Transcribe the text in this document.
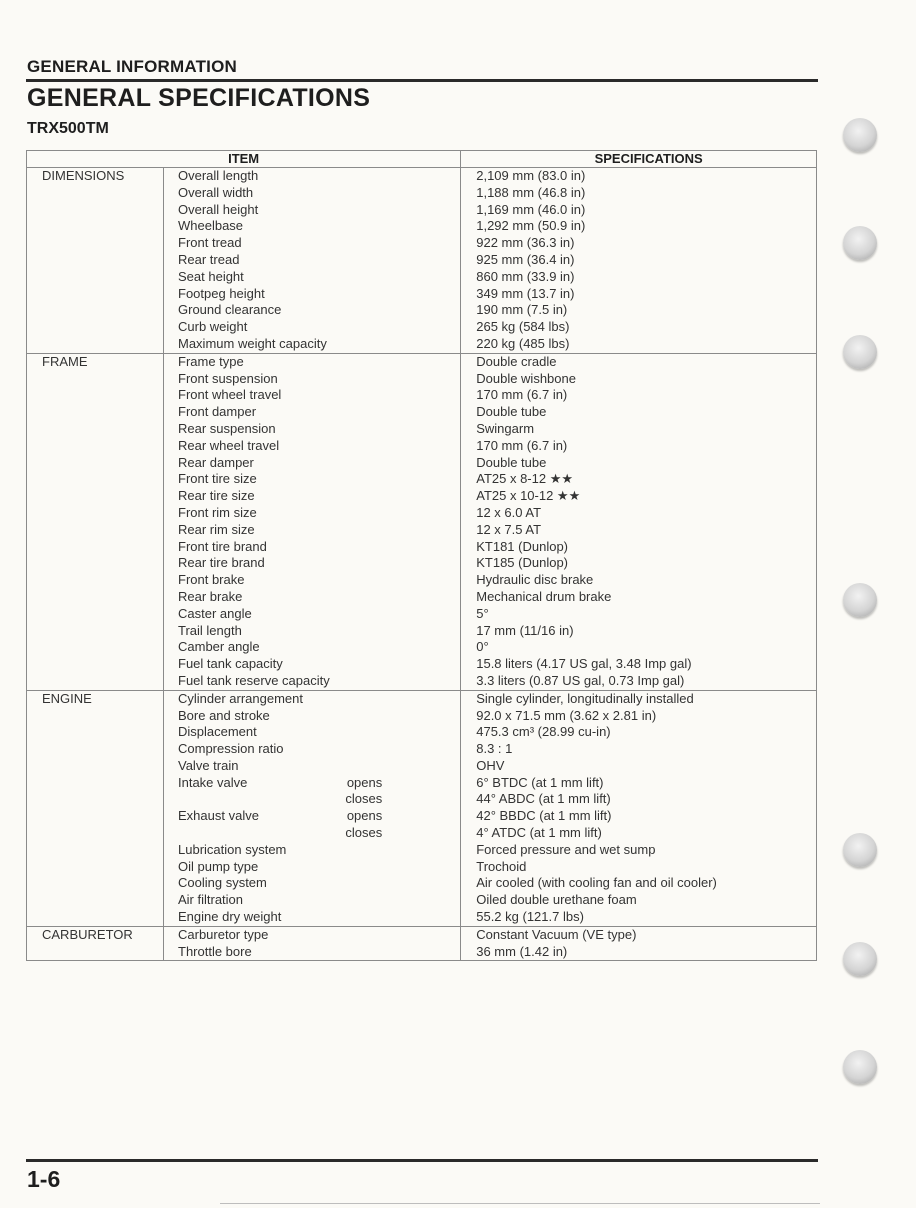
GENERAL INFORMATION
GENERAL SPECIFICATIONS
TRX500TM
ITEM			SPECIFICATIONS
DIMENSIONS	Overall length		2,109 mm (83.0 in)
	Overall width		1,188 mm (46.8 in)
	Overall height		1,169 mm (46.0 in)
	Wheelbase		1,292 mm (50.9 in)
	Front tread		922 mm (36.3 in)
	Rear tread		925 mm (36.4 in)
	Seat height		860 mm (33.9 in)
	Footpeg height		349 mm (13.7 in)
	Ground clearance		190 mm (7.5 in)
	Curb weight		265 kg (584 lbs)
	Maximum weight capacity		220 kg (485 lbs)
FRAME	Frame type		Double cradle
	Front suspension		Double wishbone
	Front wheel travel		170 mm (6.7 in)
	Front damper		Double tube
	Rear suspension		Swingarm
	Rear wheel travel		170 mm (6.7 in)
	Rear damper		Double tube
	Front tire size		AT25 x 8-12 ★★
	Rear tire size		AT25 x 10-12 ★★
	Front rim size		12 x 6.0 AT
	Rear rim size		12 x 7.5 AT
	Front tire brand		KT181 (Dunlop)
	Rear tire brand		KT185 (Dunlop)
	Front brake		Hydraulic disc brake
	Rear brake		Mechanical drum brake
	Caster angle		5°
	Trail length		17 mm (11/16 in)
	Camber angle		0°
	Fuel tank capacity		15.8 liters (4.17 US gal, 3.48 Imp gal)
	Fuel tank reserve capacity		3.3 liters (0.87 US gal, 0.73 Imp gal)
ENGINE	Cylinder arrangement		Single cylinder, longitudinally installed
	Bore and stroke		92.0 x 71.5 mm (3.62 x 2.81 in)
	Displacement		475.3 cm³ (28.99 cu-in)
	Compression ratio		8.3 : 1
	Valve train		OHV
	Intake valve	opens	6° BTDC (at 1 mm lift)
		closes	44° ABDC (at 1 mm lift)
	Exhaust valve	opens	42° BBDC (at 1 mm lift)
		closes	4° ATDC (at 1 mm lift)
	Lubrication system		Forced pressure and wet sump
	Oil pump type		Trochoid
	Cooling system		Air cooled (with cooling fan and oil cooler)
	Air filtration		Oiled double urethane foam
	Engine dry weight		55.2 kg (121.7 lbs)
CARBURETOR	Carburetor type		Constant Vacuum (VE type)
	Throttle bore		36 mm (1.42 in)
1-6
